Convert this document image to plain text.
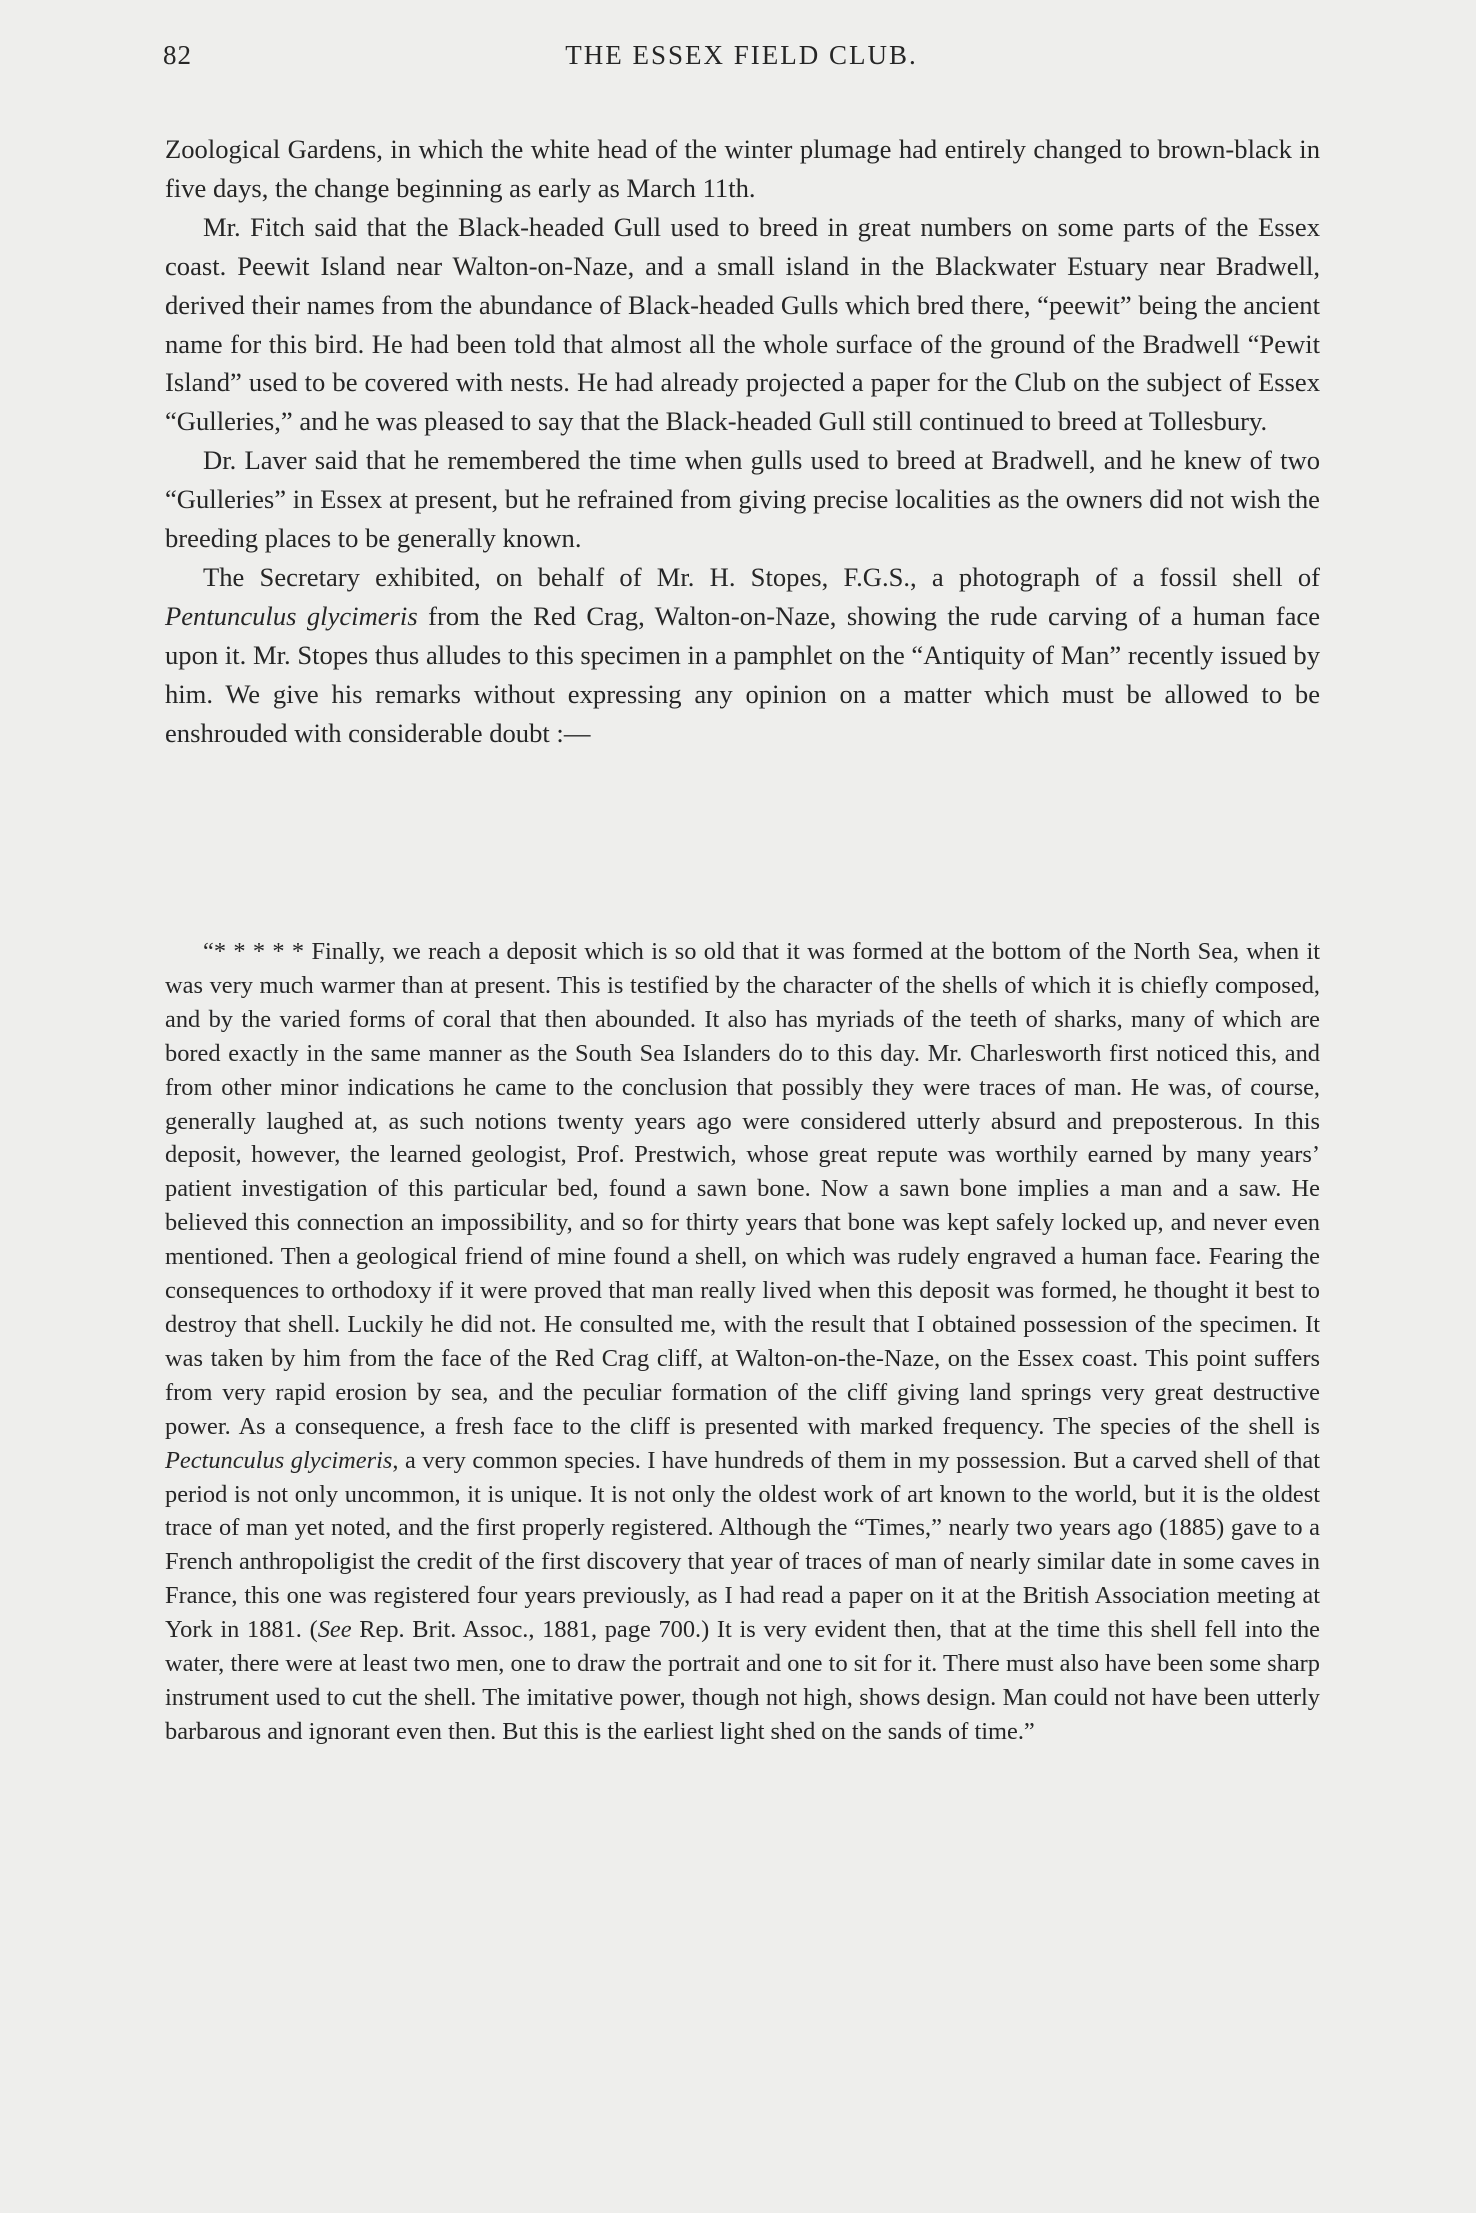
82	THE ESSEX FIELD CLUB.

Zoological Gardens, in which the white head of the winter plumage had entirely changed to brown-black in five days, the change beginning as early as March 11th.

Mr. Fitch said that the Black-headed Gull used to breed in great numbers on some parts of the Essex coast. Peewit Island near Walton-on-Naze, and a small island in the Blackwater Estuary near Bradwell, derived their names from the abundance of Black-headed Gulls which bred there, “peewit” being the ancient name for this bird. He had been told that almost all the whole surface of the ground of the Bradwell “Pewit Island” used to be covered with nests. He had already projected a paper for the Club on the subject of Essex “Gulleries,” and he was pleased to say that the Black-headed Gull still continued to breed at Tollesbury.

Dr. Laver said that he remembered the time when gulls used to breed at Bradwell, and he knew of two “Gulleries” in Essex at present, but he refrained from giving precise localities as the owners did not wish the breeding places to be generally known.

The Secretary exhibited, on behalf of Mr. H. Stopes, F.G.S., a photograph of a fossil shell of Pentunculus glycimeris from the Red Crag, Walton-on-Naze, showing the rude carving of a human face upon it. Mr. Stopes thus alludes to this specimen in a pamphlet on the “Antiquity of Man” recently issued by him. We give his remarks without expressing any opinion on a matter which must be allowed to be enshrouded with considerable doubt :—

“* * * * * Finally, we reach a deposit which is so old that it was formed at the bottom of the North Sea, when it was very much warmer than at present. This is testified by the character of the shells of which it is chiefly composed, and by the varied forms of coral that then abounded. It also has myriads of the teeth of sharks, many of which are bored exactly in the same manner as the South Sea Islanders do to this day. Mr. Charlesworth first noticed this, and from other minor indications he came to the conclusion that possibly they were traces of man. He was, of course, generally laughed at, as such notions twenty years ago were considered utterly absurd and preposterous. In this deposit, however, the learned geologist, Prof. Prestwich, whose great repute was worthily earned by many years’ patient investigation of this particular bed, found a sawn bone. Now a sawn bone implies a man and a saw. He believed this connection an impossibility, and so for thirty years that bone was kept safely locked up, and never even mentioned. Then a geological friend of mine found a shell, on which was rudely engraved a human face. Fearing the consequences to orthodoxy if it were proved that man really lived when this deposit was formed, he thought it best to destroy that shell. Luckily he did not. He consulted me, with the result that I obtained possession of the specimen. It was taken by him from the face of the Red Crag cliff, at Walton-on-the-Naze, on the Essex coast. This point suffers from very rapid erosion by sea, and the peculiar formation of the cliff giving land springs very great destructive power. As a consequence, a fresh face to the cliff is presented with marked frequency. The species of the shell is Pectunculus glycimeris, a very common species. I have hundreds of them in my possession. But a carved shell of that period is not only uncommon, it is unique. It is not only the oldest work of art known to the world, but it is the oldest trace of man yet noted, and the first properly registered. Although the “Times,” nearly two years ago (1885) gave to a French anthropoligist the credit of the first discovery that year of traces of man of nearly similar date in some caves in France, this one was registered four years previously, as I had read a paper on it at the British Association meeting at York in 1881. (See Rep. Brit. Assoc., 1881, page 700.) It is very evident then, that at the time this shell fell into the water, there were at least two men, one to draw the portrait and one to sit for it. There must also have been some sharp instrument used to cut the shell. The imitative power, though not high, shows design. Man could not have been utterly barbarous and ignorant even then. But this is the earliest light shed on the sands of time.”
